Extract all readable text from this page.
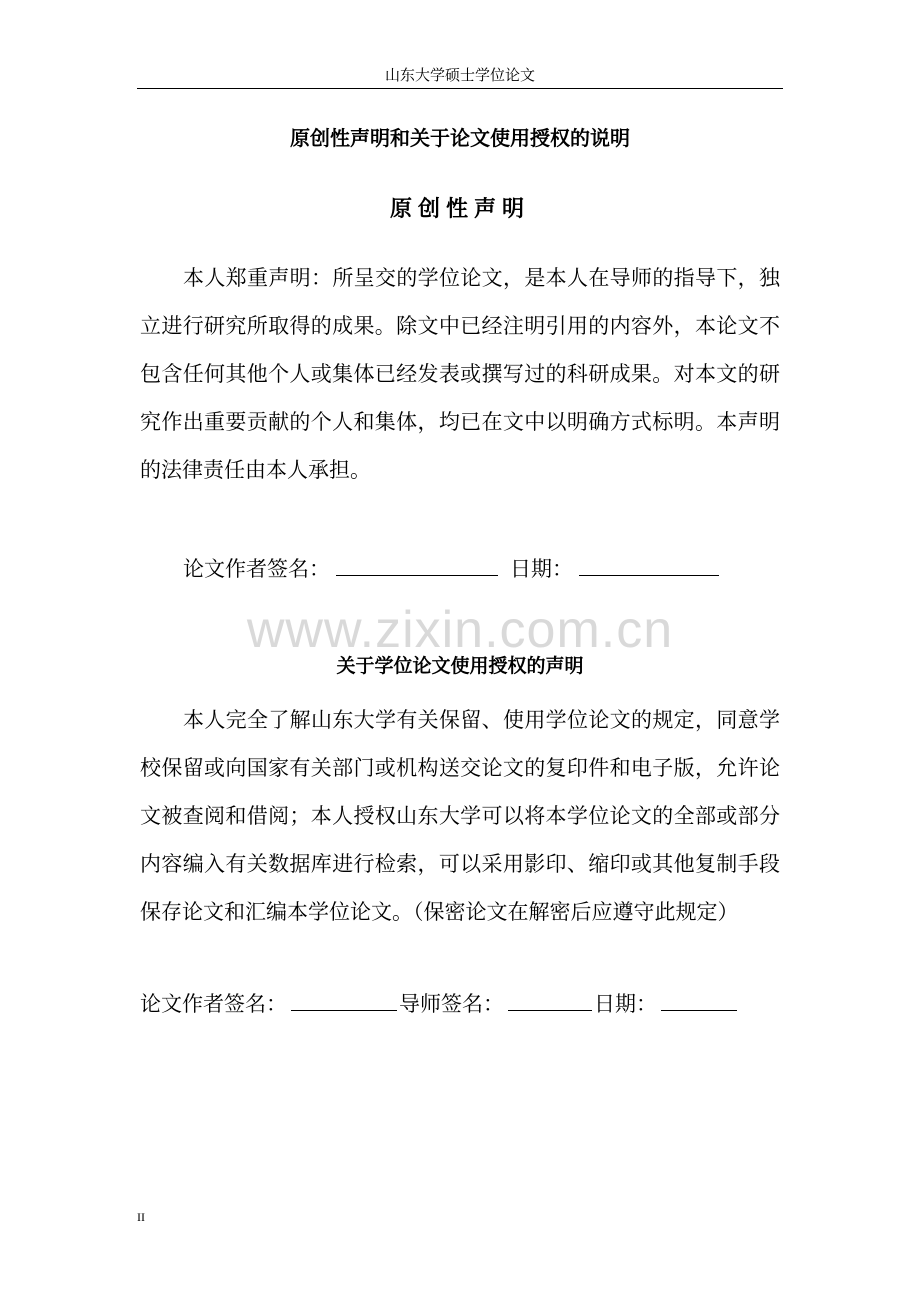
山东大学硕士学位论文
原创性声明和关于论文使用授权的说明
原创性声明
本人郑重声明：所呈交的学位论文，是本人在导师的指导下，独
立进行研究所取得的成果。除文中已经注明引用的内容外，本论文不
包含任何其他个人或集体已经发表或撰写过的科研成果。对本文的研
究作出重要贡献的个人和集体，均已在文中以明确方式标明。本声明
的法律责任由本人承担。
论文作者签名：	日期：
www.zixin.com.cn
关于学位论文使用授权的声明
本人完全了解山东大学有关保留、使用学位论文的规定，同意学
校保留或向国家有关部门或机构送交论文的复印件和电子版，允许论
文被查阅和借阅；本人授权山东大学可以将本学位论文的全部或部分
内容编入有关数据库进行检索，可以采用影印、缩印或其他复制手段
保存论文和汇编本学位论文。（保密论文在解密后应遵守此规定）
论文作者签名：	导师签名：	日期：
II
